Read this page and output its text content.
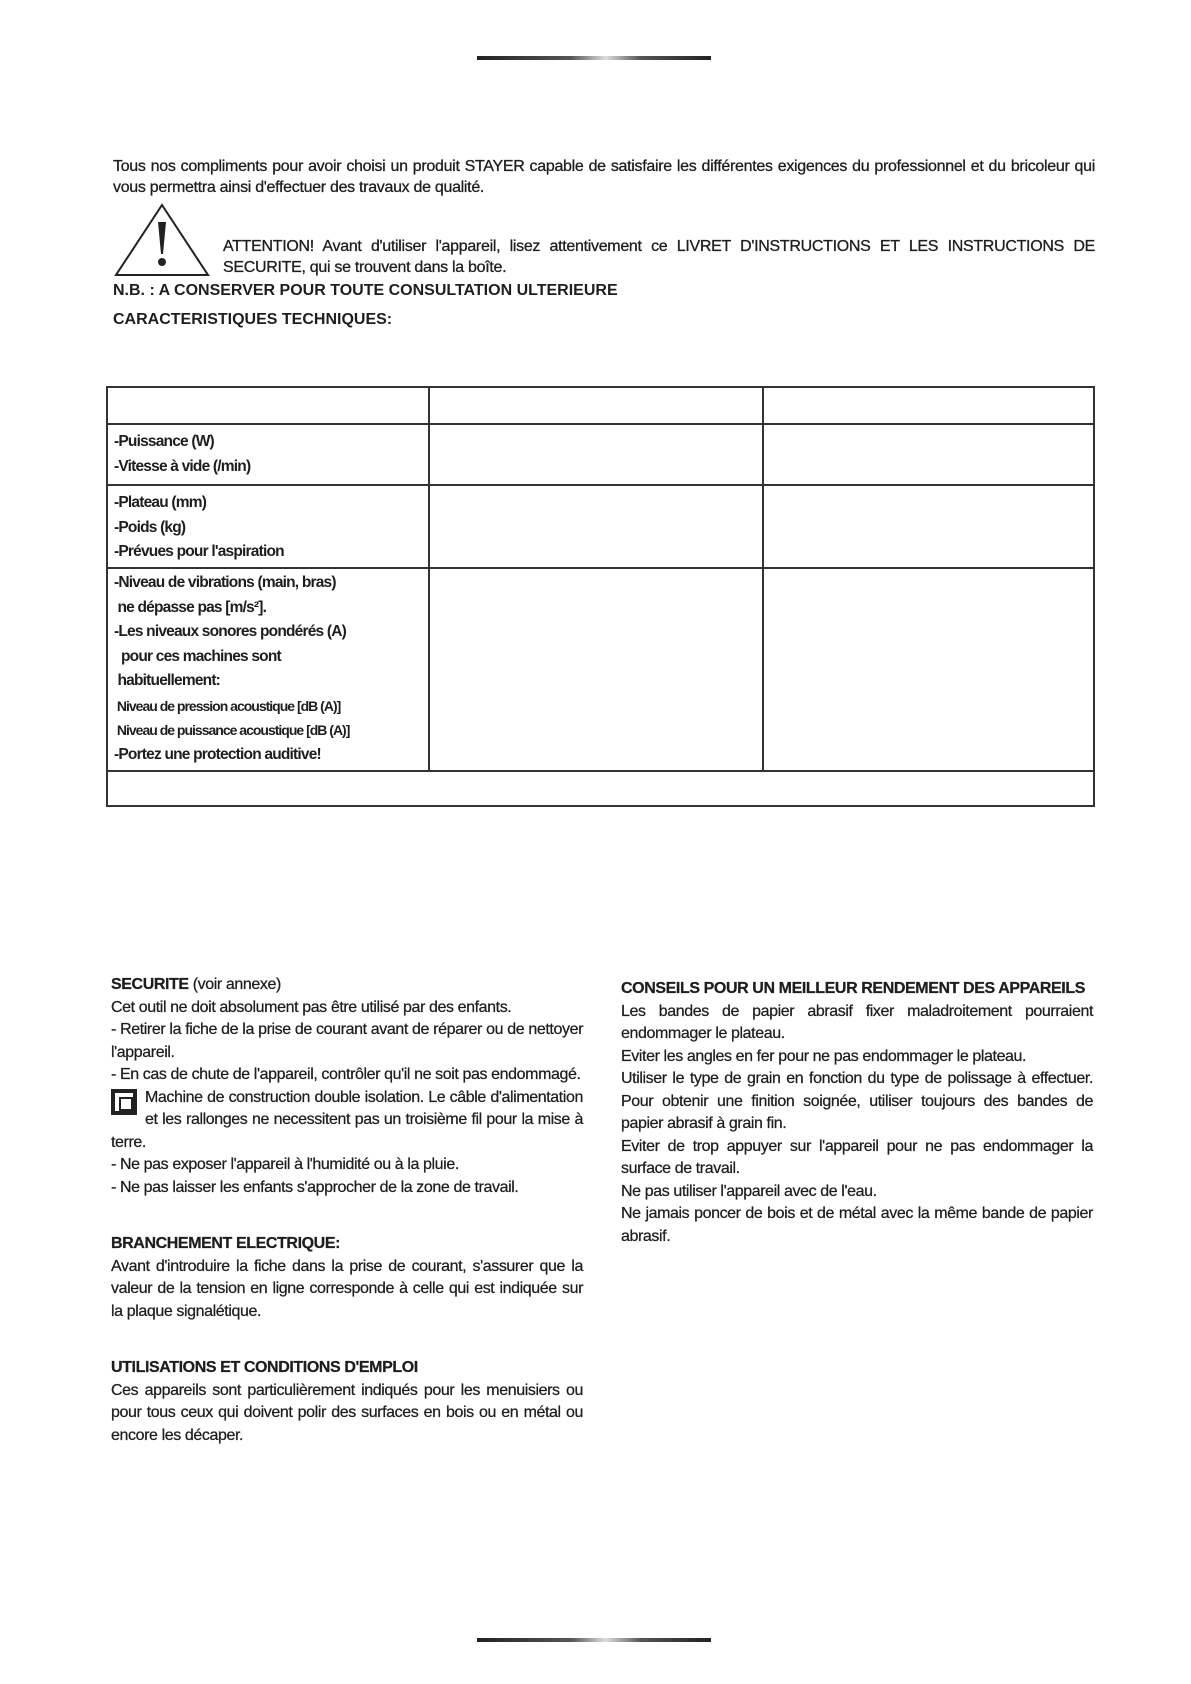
Tous nos compliments pour avoir choisi un produit STAYER capable de satisfaire les différentes exigences du professionnel et du bricoleur qui vous permettra ainsi d'effectuer des travaux de qualité.

ATTENTION! Avant d'utiliser l'appareil, lisez attentivement ce LIVRET D'INSTRUCTIONS ET LES INSTRUCTIONS DE SECURITE, qui se trouvent dans la boîte.

N.B. : A CONSERVER POUR TOUTE CONSULTATION ULTERIEURE
CARACTERISTIQUES TECHNIQUES:
-Puissance (W)
-Vitesse à vide (/min)
-Plateau (mm)
-Poids (kg)
-Prévues pour l'aspiration
-Niveau de vibrations (main, bras)
ne dépasse pas [m/s²].
-Les niveaux sonores pondérés (A)
pour ces machines sont
habituellement:
Niveau de pression acoustique [dB (A)]
Niveau de puissance acoustique [dB (A)]
-Portez une protection auditive!

SECURITE (voir annexe)

Cet outil ne doit absolument pas être utilisé par des enfants.

- Retirer la fiche de la prise de courant avant de réparer ou de nettoyer l'appareil.

- En cas de chute de l'appareil, contrôler qu'il ne soit pas endommagé.

Machine de construction double isolation. Le câble d'alimentation et les rallonges ne necessitent pas un troisième fil pour la mise à terre.

- Ne pas exposer l'appareil à l'humidité ou à la pluie.

- Ne pas laisser les enfants s'approcher de la zone de travail.

BRANCHEMENT ELECTRIQUE:

Avant d'introduire la fiche dans la prise de courant, s'assurer que la valeur de la tension en ligne corresponde à celle qui est indiquée sur la plaque signalétique.

UTILISATIONS ET CONDITIONS D'EMPLOI

Ces appareils sont particulièrement indiqués pour les menuisiers ou pour tous ceux qui doivent polir des surfaces en bois ou en métal ou encore les décaper.

CONSEILS POUR UN MEILLEUR RENDEMENT DES APPAREILS

Les bandes de papier abrasif fixer maladroitement pourraient endommager le plateau.

Eviter les angles en fer pour ne pas endommager le plateau.

Utiliser le type de grain en fonction du type de polissage à effectuer. Pour obtenir une finition soignée, utiliser toujours des bandes de papier abrasif à grain fin.

Eviter de trop appuyer sur l'appareil pour ne pas endommager la surface de travail.

Ne pas utiliser l'appareil avec de l'eau.

Ne jamais poncer de bois et de métal avec la même bande de papier abrasif.
